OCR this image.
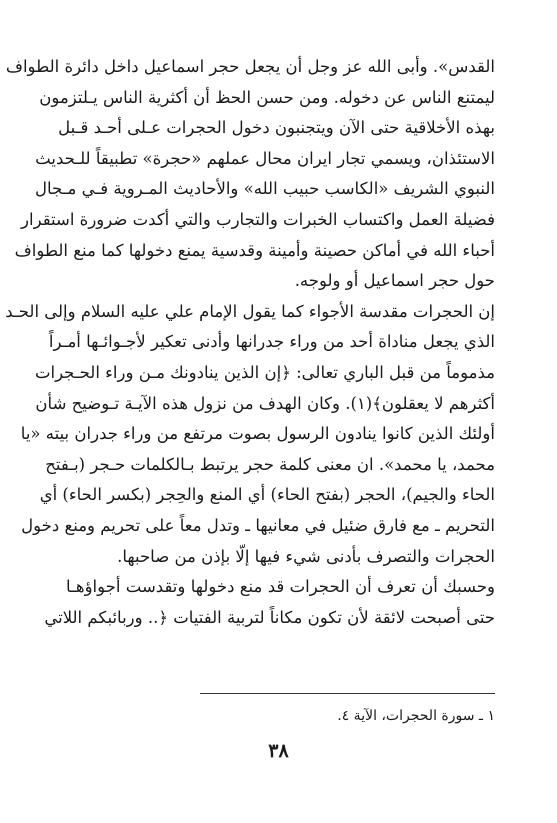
القدس». وأبى الله عز وجل أن يجعل حجر اسماعيل داخل دائرة الطواف
ليمتنع الناس عن دخوله. ومن حسن الحظ أن أكثرية الناس يـلتزمون
بهذه الأخلاقية حتى الآن ويتجنبون دخول الحجرات عـلى أحـد قـبل
الاستئذان، ويسمي تجار ايران محال عملهم «حجرة» تطبيقاً للـحديث
النبوي الشريف «الكاسب حبيب الله» والأحاديث المـروية فـي مـجال
فضيلة العمل واكتساب الخبرات والتجارب والتي أكدت ضرورة استقرار
أحباء الله في أماكن حصينة وأمينة وقدسية يمنع دخولها كما منع الطواف
حول حجر اسماعيل أو ولوجه.
إن الحجرات مقدسة الأجواء كما يقول الإمام علي عليه السلام وإلى الحـد
الذي يجعل مناداة أحد من وراء جدرانها وأدنى تعكير لأجـوائـها أمـراً
مذموماً من قبل الباري تعالى: ﴿إن الذين ينادونك مـن وراء الحـجرات
أكثرهم لا يعقلون﴾(١). وكان الهدف من نزول هذه الآيـة تـوضيح شأن
أولئك الذين كانوا ينادون الرسول بصوت مرتفع من وراء جدران بيته «يا
محمد، يا محمد». ان معنى كلمة حجر يرتبط بـالكلمات حـجر (بـفتح
الحاء والجيم)، الحجر (بفتح الحاء) أي المنع والحِجر (بكسر الحاء) أي
التحريم ـ مع فارق ضئيل في معانيها ـ وتدل معاً على تحريم ومنع دخول
الحجرات والتصرف بأدنى شيء فيها إلّا بإذن من صاحبها.
وحسبك أن تعرف أن الحجرات قد منع دخولها وتقدست أجواؤهـا
حتى أصبحت لائقة لأن تكون مكاناً لتربية الفتيات ﴿.. وربائبكم اللاتي
١ ـ سورة الحجرات، الآية ٤.
٣٨
